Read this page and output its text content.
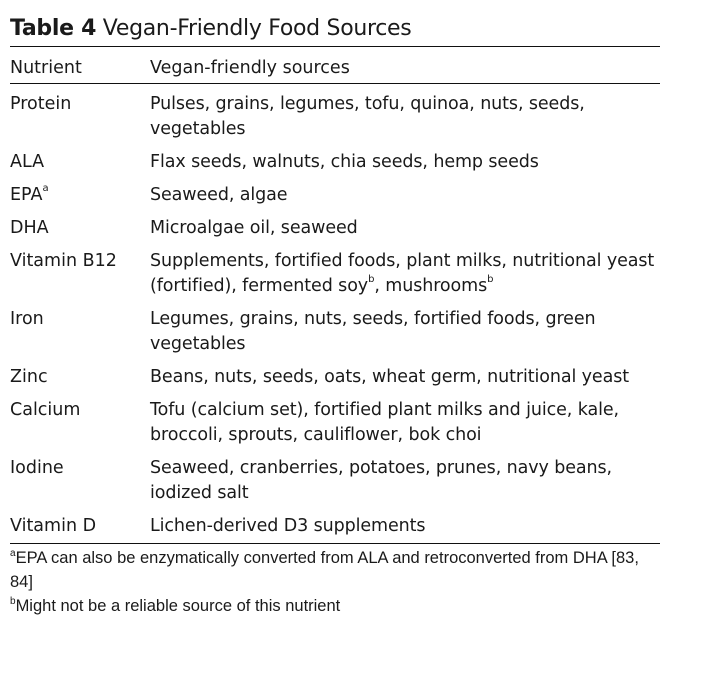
Table 4 Vegan-Friendly Food Sources
Nutrient	Vegan-friendly sources
Protein	Pulses, grains, legumes, tofu, quinoa, nuts, seeds, vegetables
ALA	Flax seeds, walnuts, chia seeds, hemp seeds
EPA$^a$	Seaweed, algae
DHA	Microalgae oil, seaweed
Vitamin B12	Supplements, fortified foods, plant milks, nutritional yeast (fortified), fermented soy$^b$, mushrooms$^b$
Iron	Legumes, grains, nuts, seeds, fortified foods, green vegetables
Zinc	Beans, nuts, seeds, oats, wheat germ, nutritional yeast
Calcium	Tofu (calcium set), fortified plant milks and juice, kale, broccoli, sprouts, cauliflower, bok choi
Iodine	Seaweed, cranberries, potatoes, prunes, navy beans, iodized salt
Vitamin D	Lichen-derived D3 supplements

$^a$EPA can also be enzymatically converted from ALA and retroconverted from DHA [83, 84]

$^b$Might not be a reliable source of this nutrient
